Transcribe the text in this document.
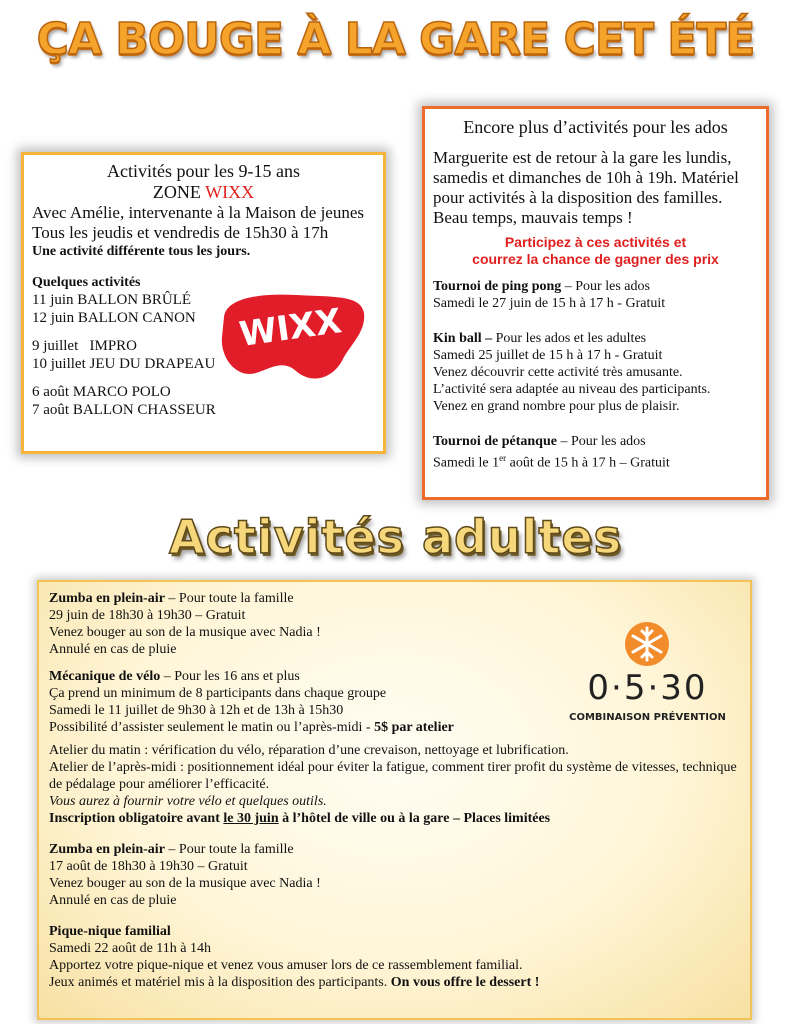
ÇA BOUGE À LA GARE CET ÉTÉ
Activités pour les 9-15 ans
ZONE WIXX
Avec Amélie, intervenante à la Maison de jeunes
Tous les jeudis et vendredis de 15h30 à 17h
Une activité différente tous les jours.
Quelques activités
11 juin BALLON BRÛLÉ
12 juin BALLON CANON
9 juillet   IMPRO
10 juillet JEU DU DRAPEAU
6 août MARCO POLO
7 août BALLON CHASSEUR
WIXX
Encore plus d’activités pour les ados
Marguerite est de retour à la gare les lundis, samedis et dimanches de 10h à 19h. Matériel pour activités à la disposition des familles. Beau temps, mauvais temps !
Participez à ces activités et
courrez la chance de gagner des prix
Tournoi de ping pong – Pour les ados
Samedi le 27 juin de 15 h à 17 h - Gratuit
Kin ball – Pour les ados et les adultes
Samedi 25 juillet de 15 h à 17 h - Gratuit
Venez découvrir cette activité très amusante.
L’activité sera adaptée au niveau des participants.
Venez en grand nombre pour plus de plaisir.
Tournoi de pétanque – Pour les ados
Samedi le 1er août de 15 h à 17 h – Gratuit
Activités adultes
Zumba en plein-air – Pour toute la famille
29 juin de 18h30 à 19h30 – Gratuit
Venez bouger au son de la musique avec Nadia !
Annulé en cas de pluie
Mécanique de vélo – Pour les 16 ans et plus
Ça prend un minimum de 8 participants dans chaque groupe
Samedi le 11 juillet de 9h30 à 12h et de 13h à 15h30
Possibilité d’assister seulement le matin ou l’après-midi - 5$ par atelier
Atelier du matin : vérification du vélo, réparation d’une crevaison, nettoyage et lubrification.
Atelier de l’après-midi : positionnement idéal pour éviter la fatigue, comment tirer profit du système de vitesses, technique de pédalage pour améliorer l’efficacité.
Vous aurez à fournir votre vélo et quelques outils.
Inscription obligatoire avant le 30 juin à l’hôtel de ville ou à la gare – Places limitées
Zumba en plein-air – Pour toute la famille
17 août de 18h30 à 19h30 – Gratuit
Venez bouger au son de la musique avec Nadia !
Annulé en cas de pluie
Pique-nique familial
Samedi 22 août de 11h à 14h
Apportez votre pique-nique et venez vous amuser lors de ce rassemblement familial.
Jeux animés et matériel mis à la disposition des participants. On vous offre le dessert !
0·5·30
COMBINAISON PRÉVENTION
